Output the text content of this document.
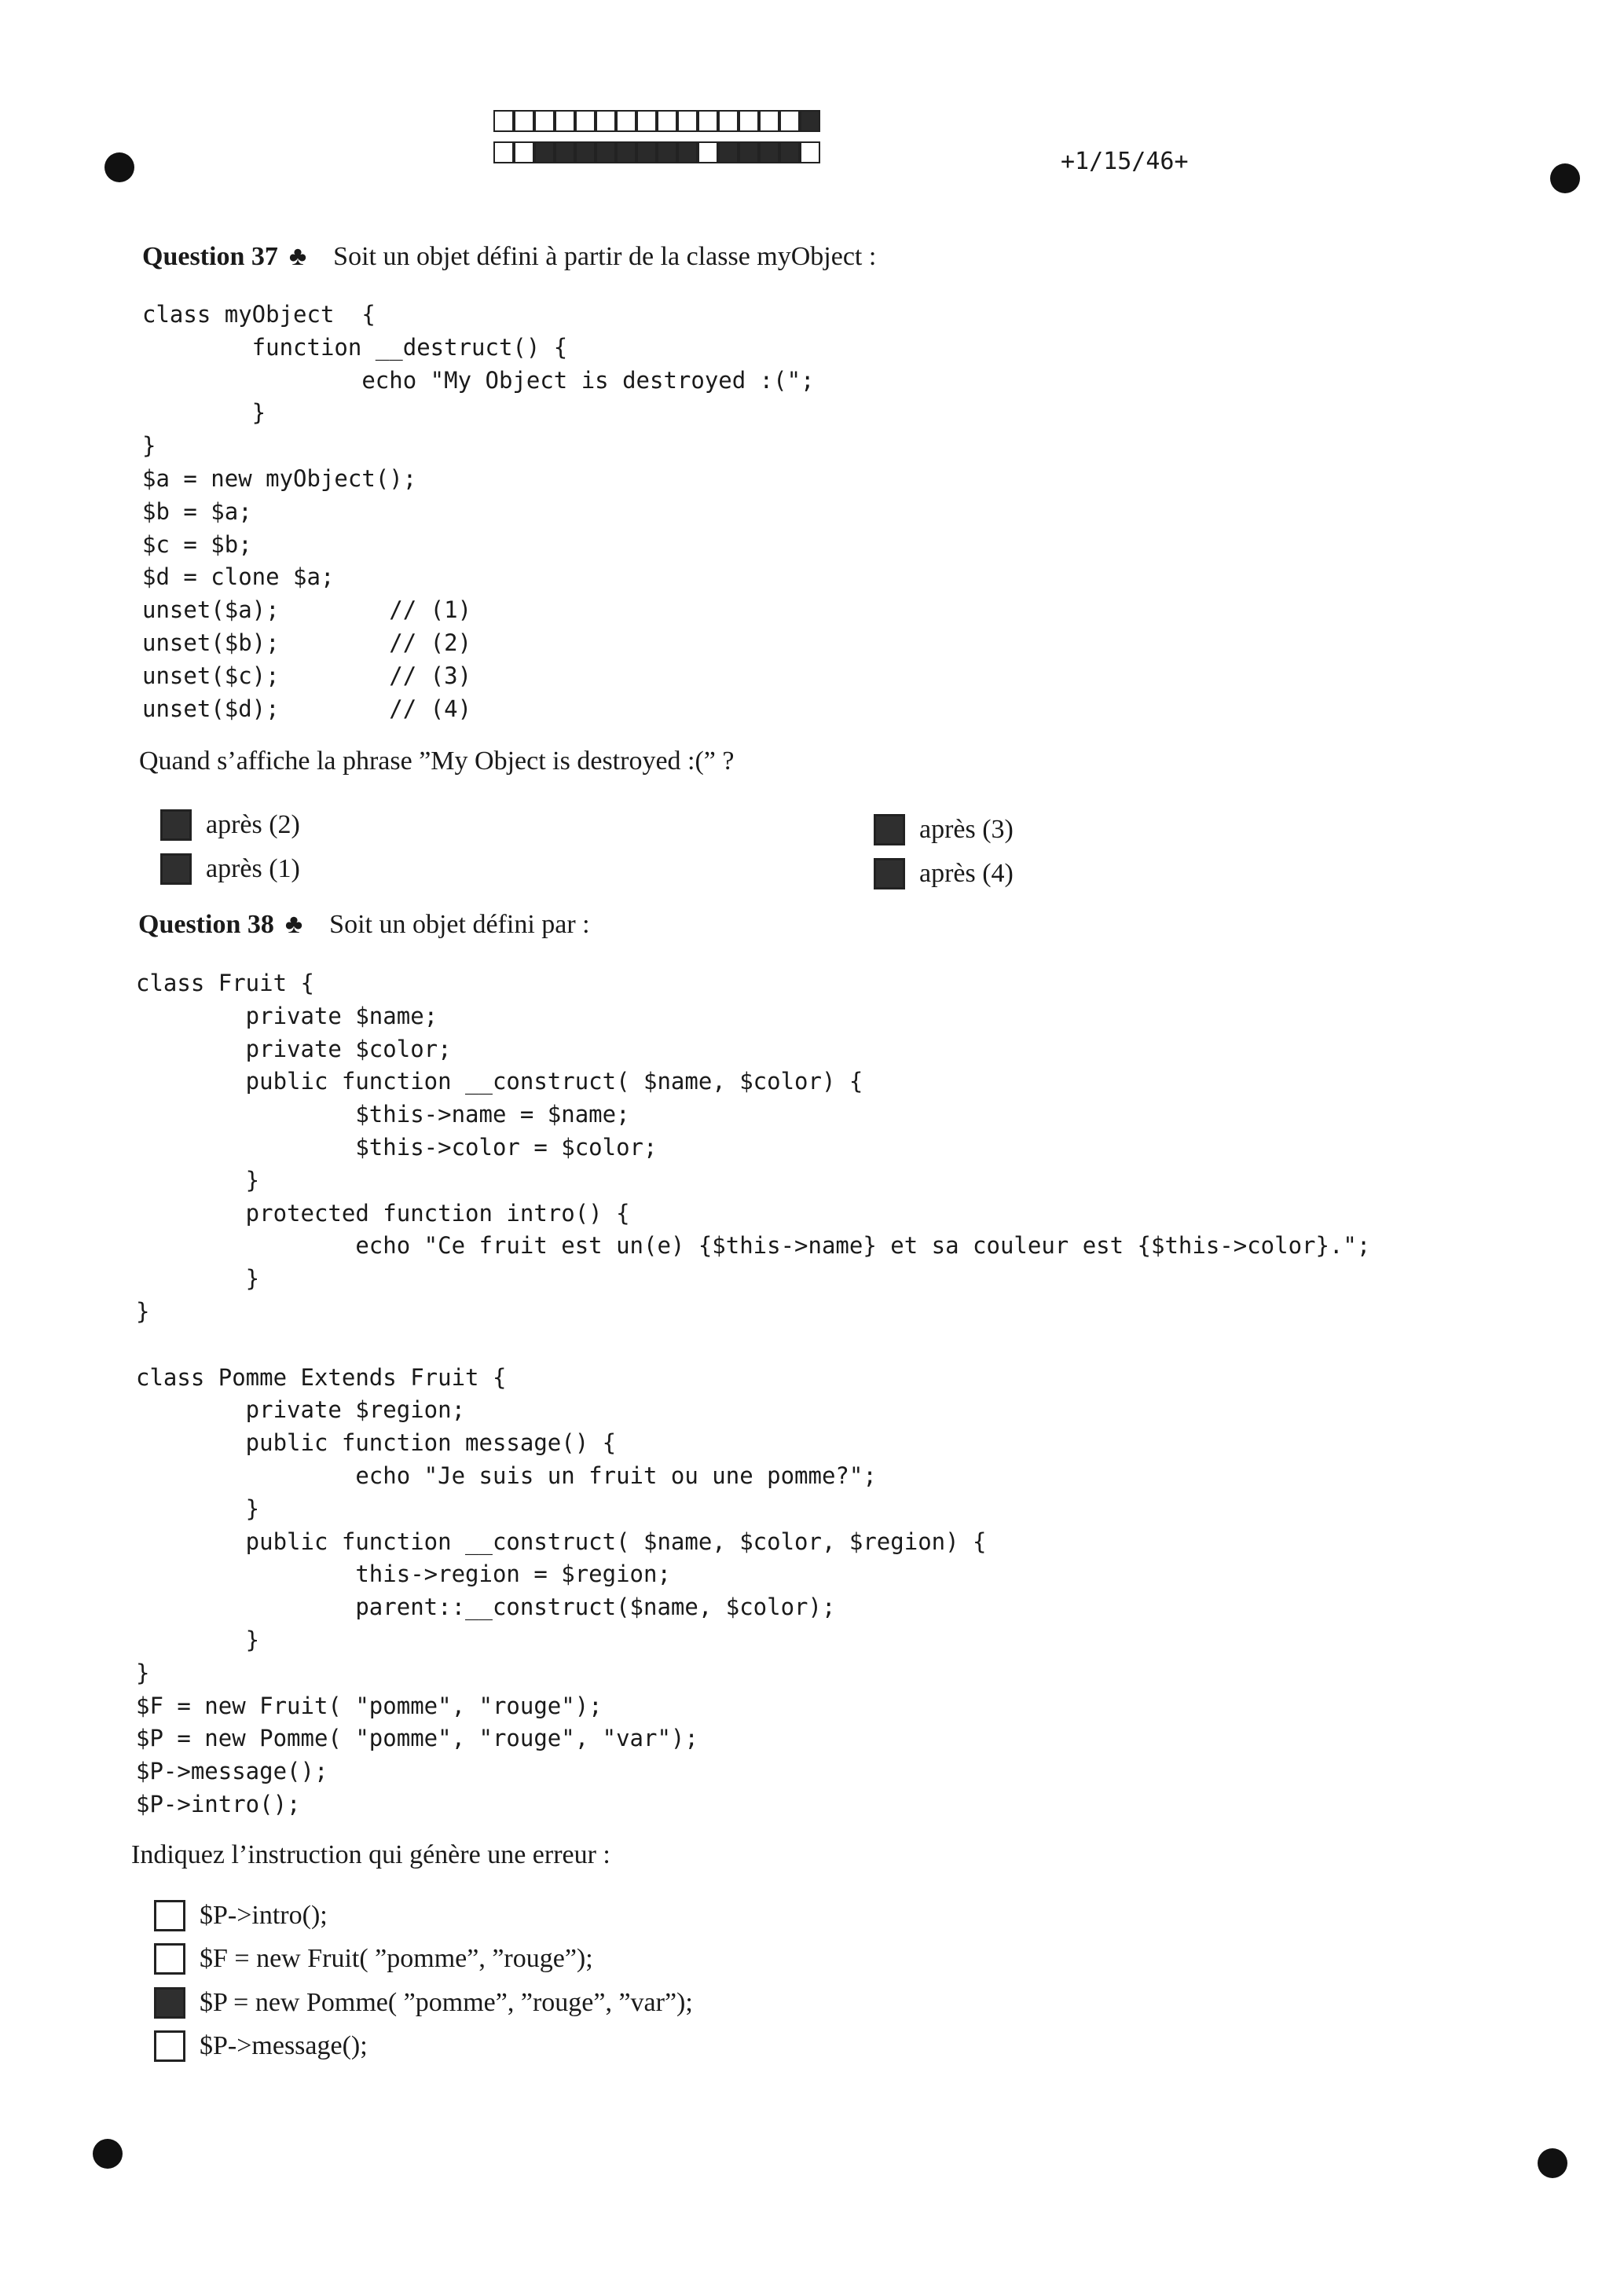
+1/15/46+
Question 37 ♣ Soit un objet défini à partir de la classe myObject :
class myObject  {
function __destruct() {
echo "My Object is destroyed :(";
}
}
$a = new myObject();
$b = $a;
$c = $b;
$d = clone $a;
unset($a);        // (1)
unset($b);        // (2)
unset($c);        // (3)
unset($d);        // (4)
Quand s’affiche la phrase ”My Object is destroyed :(” ?
après (2)
après (1)
après (3)
après (4)
Question 38 ♣ Soit un objet défini par :
class Fruit {
private $name;
private $color;
public function __construct( $name, $color) {
$this->name = $name;
$this->color = $color;
}
protected function intro() {
echo "Ce fruit est un(e) {$this->name} et sa couleur est {$this->color}.";
}
}

class Pomme Extends Fruit {
private $region;
public function message() {
echo "Je suis un fruit ou une pomme?";
}
public function __construct( $name, $color, $region) {
this->region = $region;
parent::__construct($name, $color);
}
}
$F = new Fruit( "pomme", "rouge");
$P = new Pomme( "pomme", "rouge", "var");
$P->message();
$P->intro();
Indiquez l’instruction qui génère une erreur :
$P->intro();
$F = new Fruit( ”pomme”, ”rouge”);
$P = new Pomme( ”pomme”, ”rouge”, ”var”);
$P->message();
